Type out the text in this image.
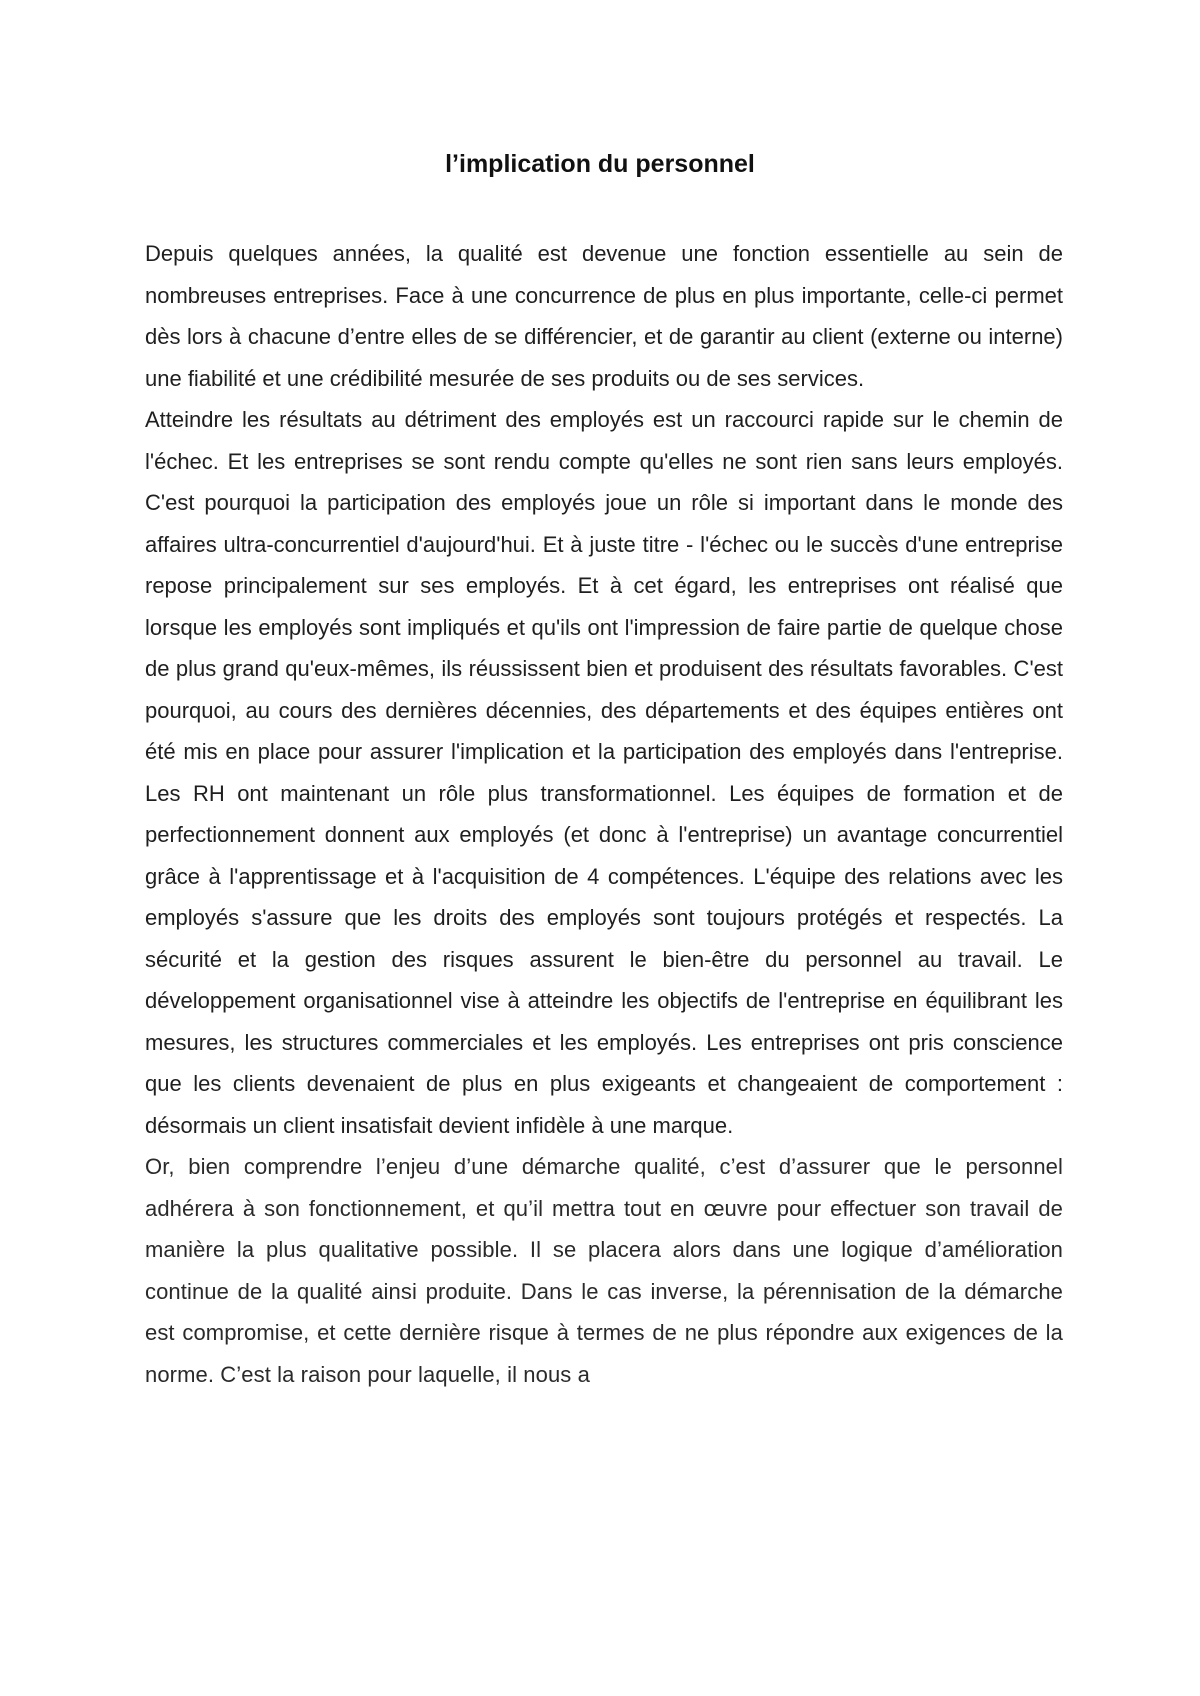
l’implication du personnel

Depuis quelques années, la qualité est devenue une fonction essentielle au sein de nombreuses entreprises. Face à une concurrence de plus en plus importante, celle-ci permet dès lors à chacune d’entre elles de se différencier, et de garantir au client (externe ou interne) une fiabilité et une crédibilité mesurée de ses produits ou de ses services.

Atteindre les résultats au détriment des employés est un raccourci rapide sur le chemin de l'échec. Et les entreprises se sont rendu compte qu'elles ne sont rien sans leurs employés. C'est pourquoi la participation des employés joue un rôle si important dans le monde des affaires ultra-concurrentiel d'aujourd'hui. Et à juste titre - l'échec ou le succès d'une entreprise repose principalement sur ses employés. Et à cet égard, les entreprises ont réalisé que lorsque les employés sont impliqués et qu'ils ont l'impression de faire partie de quelque chose de plus grand qu'eux-mêmes, ils réussissent bien et produisent des résultats favorables. C'est pourquoi, au cours des dernières décennies, des départements et des équipes entières ont été mis en place pour assurer l'implication et la participation des employés dans l'entreprise. Les RH ont maintenant un rôle plus transformationnel. Les équipes de formation et de perfectionnement donnent aux employés (et donc à l'entreprise) un avantage concurrentiel grâce à l'apprentissage et à l'acquisition de 4 compétences. L'équipe des relations avec les employés s'assure que les droits des employés sont toujours protégés et respectés. La sécurité et la gestion des risques assurent le bien-être du personnel au travail. Le développement organisationnel vise à atteindre les objectifs de l'entreprise en équilibrant les mesures, les structures commerciales et les employés. Les entreprises ont pris conscience que les clients devenaient de plus en plus exigeants et changeaient de comportement : désormais un client insatisfait devient infidèle à une marque.

Or, bien comprendre l’enjeu d’une démarche qualité, c’est d’assurer que le personnel adhérera à son fonctionnement, et qu’il mettra tout en œuvre pour effectuer son travail de manière la plus qualitative possible. Il se placera alors dans une logique d’amélioration continue de la qualité ainsi produite. Dans le cas inverse, la pérennisation de la démarche est compromise, et cette dernière risque à termes de ne plus répondre aux exigences de la norme. C’est la raison pour laquelle, il nous a
